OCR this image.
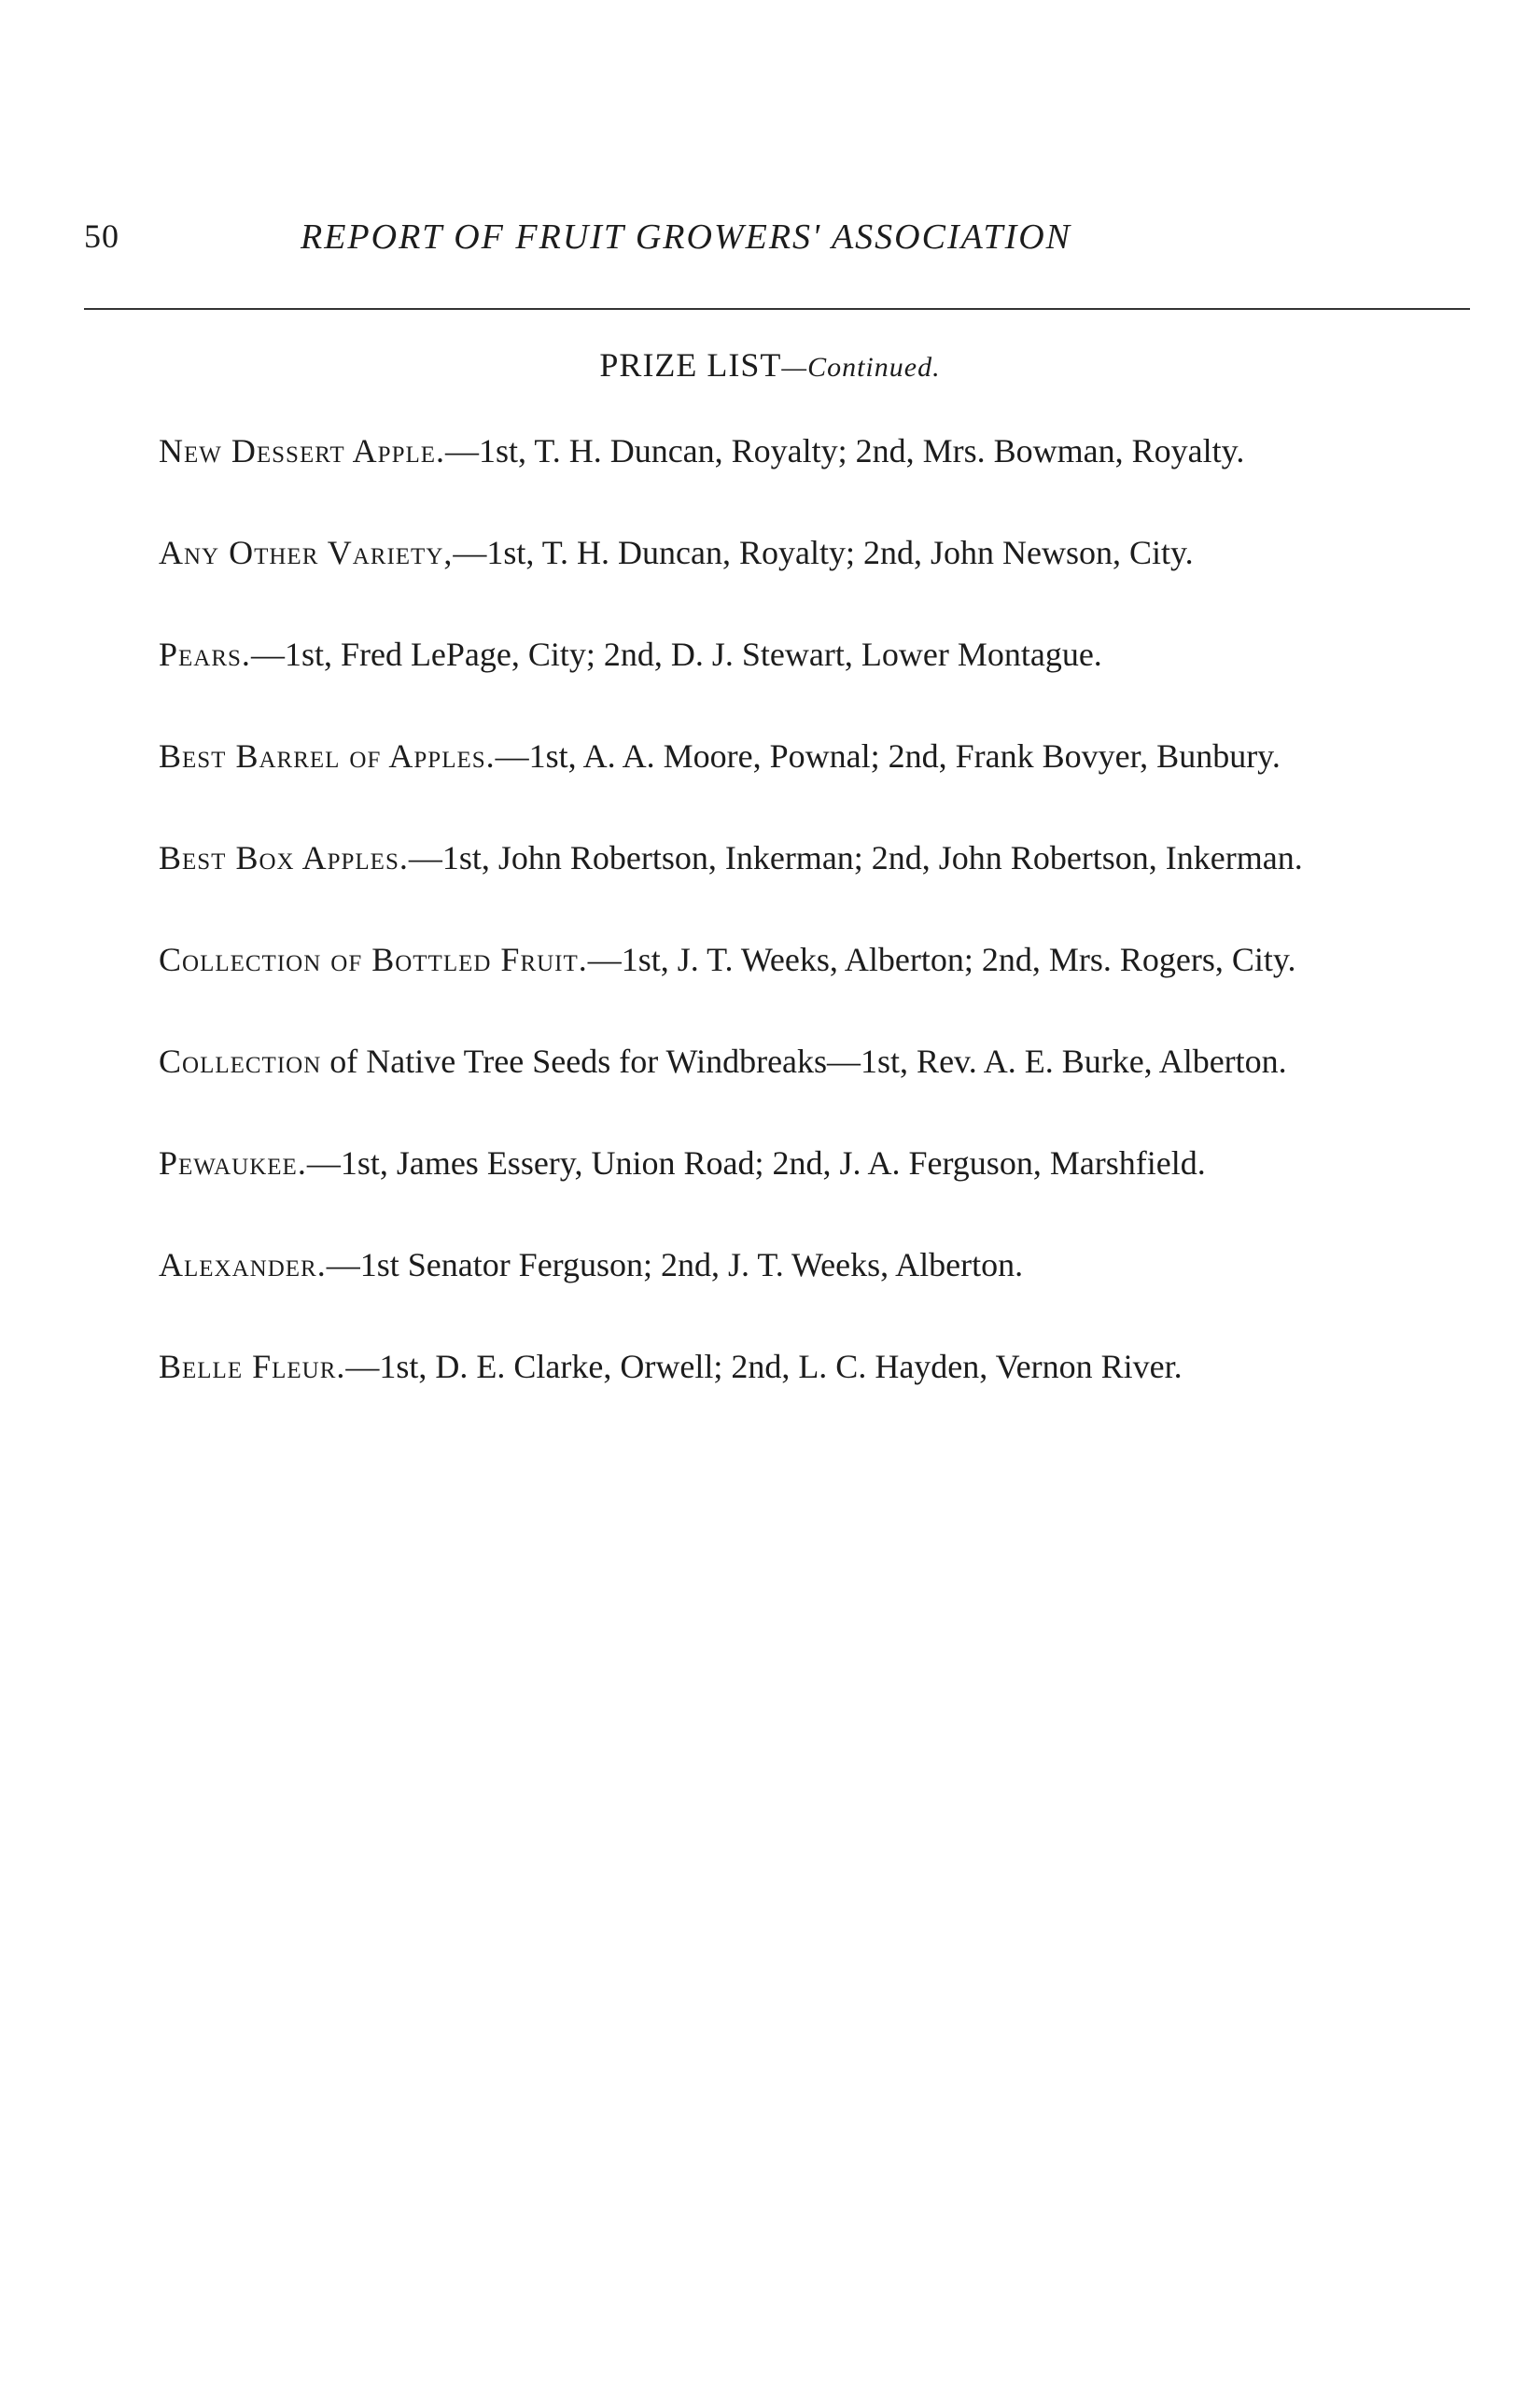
50	REPORT OF FRUIT GROWERS' ASSOCIATION
PRIZE LIST—Continued.

New Dessert Apple.—1st, T. H. Duncan, Royalty; 2nd, Mrs. Bowman, Royalty.

Any Other Variety,—1st, T. H. Duncan, Royalty; 2nd, John Newson, City.

Pears.—1st, Fred LePage, City; 2nd, D. J. Stewart, Lower Montague.

Best Barrel of Apples.—1st, A. A. Moore, Pownal; 2nd, Frank Bovyer, Bunbury.

Best Box Apples.—1st, John Robertson, Inkerman; 2nd, John Robertson, Inkerman.

Collection of Bottled Fruit.—1st, J. T. Weeks, Alberton; 2nd, Mrs. Rogers, City.

Collection of Native Tree Seeds for Windbreaks—1st, Rev. A. E. Burke, Alberton.

Pewaukee.—1st, James Essery, Union Road; 2nd, J. A. Ferguson, Marshfield.

Alexander.—1st Senator Ferguson; 2nd, J. T. Weeks, Alberton.

Belle Fleur.—1st, D. E. Clarke, Orwell; 2nd, L. C. Hayden, Vernon River.
